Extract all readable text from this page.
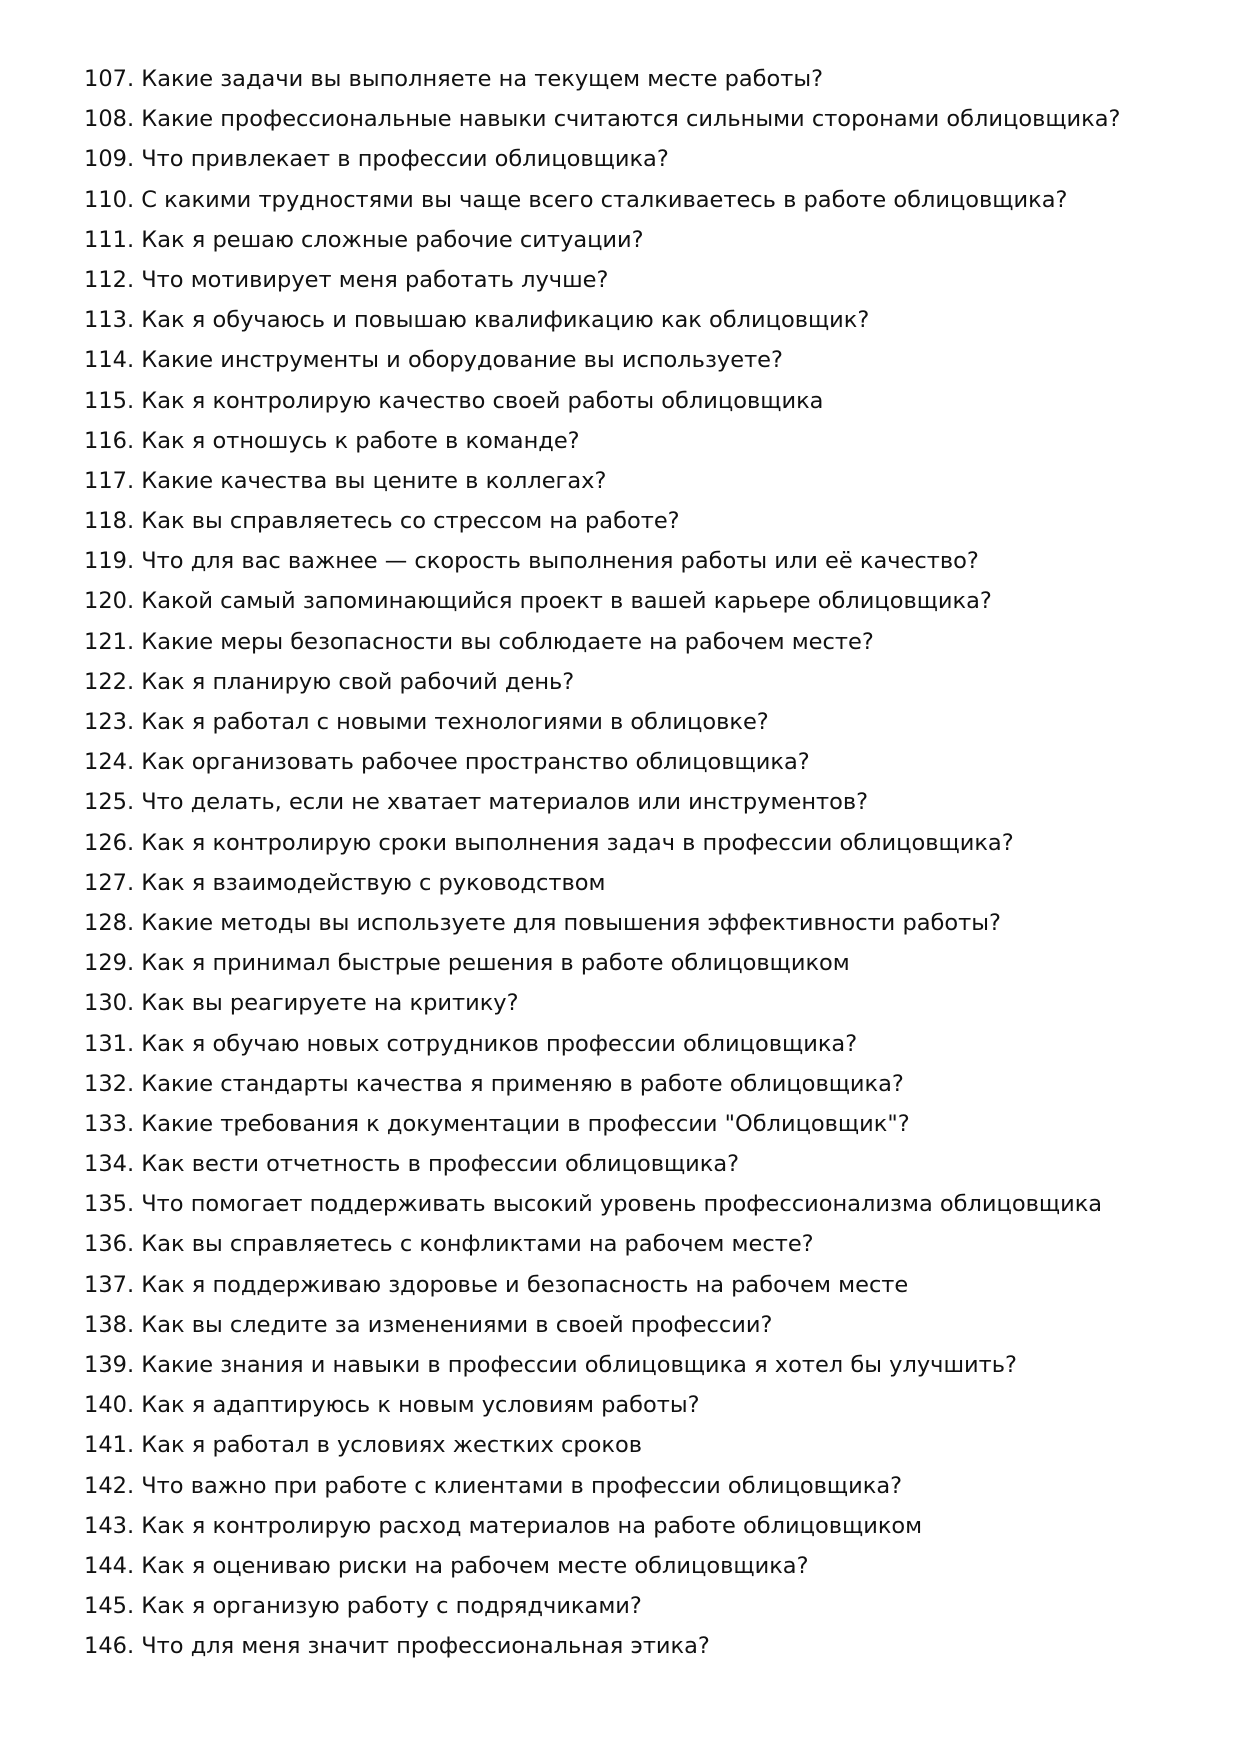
107. Какие задачи вы выполняете на текущем месте работы?
108. Какие профессиональные навыки считаются сильными сторонами облицовщика?
109. Что привлекает в профессии облицовщика?
110. С какими трудностями вы чаще всего сталкиваетесь в работе облицовщика?
111. Как я решаю сложные рабочие ситуации?
112. Что мотивирует меня работать лучше?
113. Как я обучаюсь и повышаю квалификацию как облицовщик?
114. Какие инструменты и оборудование вы используете?
115. Как я контролирую качество своей работы облицовщика
116. Как я отношусь к работе в команде?
117. Какие качества вы цените в коллегах?
118. Как вы справляетесь со стрессом на работе?
119. Что для вас важнее — скорость выполнения работы или её качество?
120. Какой самый запоминающийся проект в вашей карьере облицовщика?
121. Какие меры безопасности вы соблюдаете на рабочем месте?
122. Как я планирую свой рабочий день?
123. Как я работал с новыми технологиями в облицовке?
124. Как организовать рабочее пространство облицовщика?
125. Что делать, если не хватает материалов или инструментов?
126. Как я контролирую сроки выполнения задач в профессии облицовщика?
127. Как я взаимодействую с руководством
128. Какие методы вы используете для повышения эффективности работы?
129. Как я принимал быстрые решения в работе облицовщиком
130. Как вы реагируете на критику?
131. Как я обучаю новых сотрудников профессии облицовщика?
132. Какие стандарты качества я применяю в работе облицовщика?
133. Какие требования к документации в профессии "Облицовщик"?
134. Как вести отчетность в профессии облицовщика?
135. Что помогает поддерживать высокий уровень профессионализма облицовщика
136. Как вы справляетесь с конфликтами на рабочем месте?
137. Как я поддерживаю здоровье и безопасность на рабочем месте
138. Как вы следите за изменениями в своей профессии?
139. Какие знания и навыки в профессии облицовщика я хотел бы улучшить?
140. Как я адаптируюсь к новым условиям работы?
141. Как я работал в условиях жестких сроков
142. Что важно при работе с клиентами в профессии облицовщика?
143. Как я контролирую расход материалов на работе облицовщиком
144. Как я оцениваю риски на рабочем месте облицовщика?
145. Как я организую работу с подрядчиками?
146. Что для меня значит профессиональная этика?
